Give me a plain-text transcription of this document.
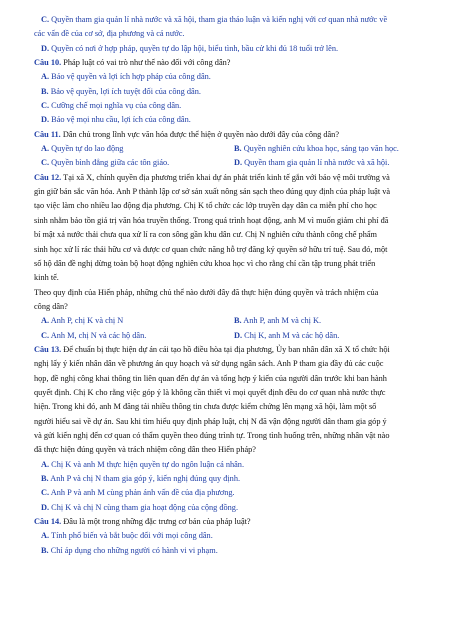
C. Quyền tham gia quản lí nhà nước và xã hội, tham gia thảo luận và kiến nghị với cơ quan nhà nước về
các vấn đề của cơ sở, địa phương và cả nước.
D. Quyền có nơi ở hợp pháp, quyền tự do lập hội, biểu tình, bầu cử khi đủ 18 tuổi trở lên.
Câu 10. Pháp luật có vai trò như thế nào đối với công dân?
A. Bảo vệ quyền và lợi ích hợp pháp của công dân.
B. Bảo vệ quyền, lợi ích tuyệt đối của công dân.
C. Cưỡng chế mọi nghĩa vụ của công dân.
D. Bảo vệ mọi nhu cầu, lợi ích của công dân.
Câu 11. Dân chủ trong lĩnh vực văn hóa được thể hiện ở quyền nào dưới đây của công dân?
A. Quyền tự do lao động	B. Quyền nghiên cứu khoa học, sáng tạo văn học.
C. Quyền bình đẳng giữa các tôn giáo.	D. Quyền tham gia quản lí nhà nước và xã hội.
Câu 12. Tại xã X, chính quyền địa phương triển khai dự án phát triển kinh tế gắn với bảo vệ môi trường và
gìn giữ bản sắc văn hóa. Anh P thành lập cơ sở sản xuất nông sản sạch theo đúng quy định của pháp luật và
tạo việc làm cho nhiều lao động địa phương. Chị K tổ chức các lớp truyền dạy dân ca miễn phí cho học
sinh nhằm bảo tồn giá trị văn hóa truyền thống. Trong quá trình hoạt động, anh M vì muốn giảm chi phí đã
bí mật xả nước thải chưa qua xử lí ra con sông gần khu dân cư. Chị N nghiên cứu thành công chế phẩm
sinh học xử lí rác thải hữu cơ và được cơ quan chức năng hỗ trợ đăng ký quyền sở hữu trí tuệ. Sau đó, một
số hộ dân đề nghị dừng toàn bộ hoạt động nghiên cứu khoa học vì cho rằng chỉ cần tập trung phát triển
kinh tế.
Theo quy định của Hiến pháp, những chủ thể nào dưới đây đã thực hiện đúng quyền và trách nhiệm của
công dân?
A. Anh P, chị K và chị N	B. Anh P, anh M và chị K.
C. Anh M, chị N và các hộ dân.	D. Chị K, anh M và các hộ dân.
Câu 13. Để chuẩn bị thực hiện dự án cải tạo hồ điều hòa tại địa phương, Ủy ban nhân dân xã X tổ chức hội
nghị lấy ý kiến nhân dân về phương án quy hoạch và sử dụng ngân sách. Anh P tham gia đầy đủ các cuộc
họp, đề nghị công khai thông tin liên quan đến dự án và tổng hợp ý kiến của người dân trước khi ban hành
quyết định. Chị K cho rằng việc góp ý là không cần thiết vì mọi quyết định đều do cơ quan nhà nước thực
hiện. Trong khi đó, anh M đăng tải nhiều thông tin chưa được kiểm chứng lên mạng xã hội, làm một số
người hiểu sai về dự án. Sau khi tìm hiểu quy định pháp luật, chị N đã vận động người dân tham gia góp ý
và gửi kiến nghị đến cơ quan có thẩm quyền theo đúng trình tự. Trong tình huống trên, những nhân vật nào
đã thực hiện đúng quyền và trách nhiệm công dân theo Hiến pháp?
A. Chị K và anh M thực hiện quyền tự do ngôn luận cá nhân.
B. Anh P và chị N tham gia góp ý, kiến nghị đúng quy định.
C. Anh P và anh M cùng phản ánh vấn đề của địa phương.
D. Chị K và chị N cùng tham gia hoạt động của cộng đồng.
Câu 14. Đâu là một trong những đặc trưng cơ bản của pháp luật?
A. Tính phổ biến và bắt buộc đối với mọi công dân.
B. Chỉ áp dụng cho những người có hành vi vi phạm.
